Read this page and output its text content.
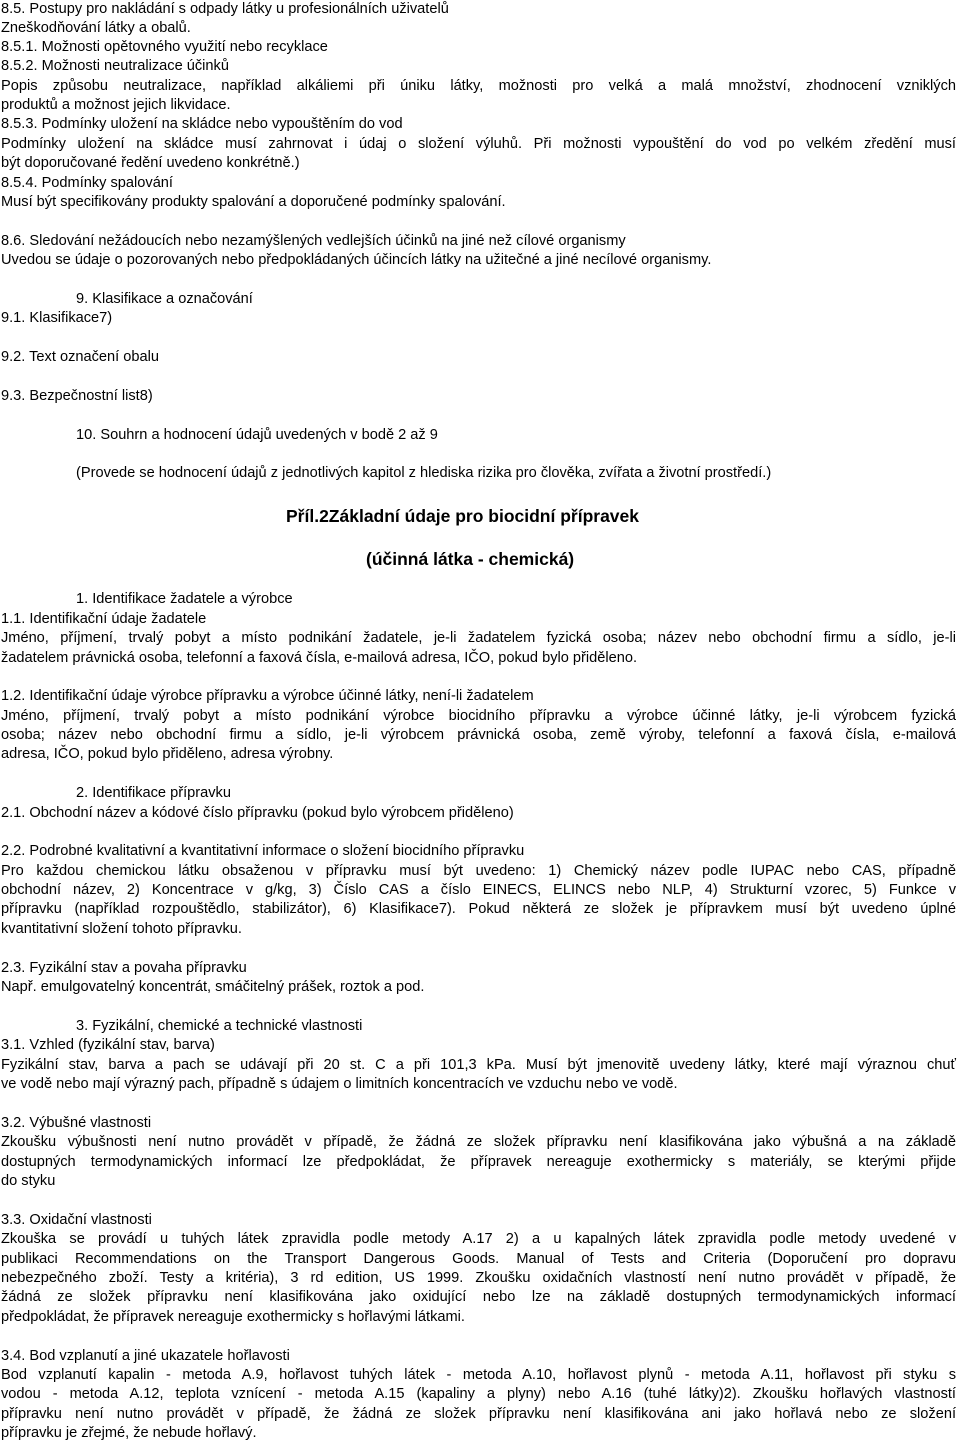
8.5. Postupy pro nakládání s odpady látky u profesionálních uživatelů
Zneškodňování látky a obalů.
8.5.1. Možnosti opětovného využití nebo recyklace
8.5.2. Možnosti neutralizace účinků
Popis způsobu neutralizace, například alkáliemi při úniku látky, možnosti pro velká a malá množství, zhodnocení vzniklých
produktů a možnost jejich likvidace.
8.5.3. Podmínky uložení na skládce nebo vypouštěním do vod
Podmínky uložení na skládce musí zahrnovat i údaj o složení výluhů. Při možnosti vypouštění do vod po velkém zředění musí
být doporučované ředění uvedeno konkrétně.)
8.5.4. Podmínky spalování
Musí být specifikovány produkty spalování a doporučené podmínky spalování.
8.6. Sledování nežádoucích nebo nezamýšlených vedlejších účinků na jiné než cílové organismy
Uvedou se údaje o pozorovaných nebo předpokládaných účincích látky na užitečné a jiné necílové organismy.
9. Klasifikace a označování
9.1. Klasifikace7)
9.2. Text označení obalu
9.3. Bezpečnostní list8)
10. Souhrn a hodnocení údajů uvedených v bodě 2 až 9
(Provede se hodnocení údajů z jednotlivých kapitol z hlediska rizika pro člověka, zvířata a životní prostředí.)
Příl.2Základní údaje pro biocidní přípravek
(účinná látka - chemická)
1. Identifikace žadatele a výrobce
1.1. Identifikační údaje žadatele
Jméno, příjmení, trvalý pobyt a místo podnikání žadatele, je-li žadatelem fyzická osoba; název nebo obchodní firmu a sídlo, je-li
žadatelem právnická osoba, telefonní a faxová čísla, e-mailová adresa, IČO, pokud bylo přiděleno.
1.2. Identifikační údaje výrobce přípravku a výrobce účinné látky, není-li žadatelem
Jméno, příjmení, trvalý pobyt a místo podnikání výrobce biocidního přípravku a výrobce účinné látky, je-li výrobcem fyzická
osoba; název nebo obchodní firmu a sídlo, je-li výrobcem právnická osoba, země výroby, telefonní a faxová čísla, e-mailová
adresa, IČO, pokud bylo přiděleno, adresa výrobny.
2. Identifikace přípravku
2.1. Obchodní název a kódové číslo přípravku (pokud bylo výrobcem přiděleno)
2.2. Podrobné kvalitativní a kvantitativní informace o složení biocidního přípravku
Pro každou chemickou látku obsaženou v přípravku musí být uvedeno: 1) Chemický název podle IUPAC nebo CAS, případně
obchodní název, 2) Koncentrace v g/kg, 3) Číslo CAS a číslo EINECS, ELINCS nebo NLP, 4) Strukturní vzorec, 5) Funkce v
přípravku (například rozpouštědlo, stabilizátor), 6) Klasifikace7). Pokud některá ze složek je přípravkem musí být uvedeno úplné
kvantitativní složení tohoto přípravku.
2.3. Fyzikální stav a povaha přípravku
Např. emulgovatelný koncentrát, smáčitelný prášek, roztok a pod.
3. Fyzikální, chemické a technické vlastnosti
3.1. Vzhled (fyzikální stav, barva)
Fyzikální stav, barva a pach se udávají při 20 st. C a při 101,3 kPa. Musí být jmenovitě uvedeny látky, které mají výraznou chuť
ve vodě nebo mají výrazný pach, případně s údajem o limitních koncentracích ve vzduchu nebo ve vodě.
3.2. Výbušné vlastnosti
Zkoušku výbušnosti není nutno provádět v případě, že žádná ze složek přípravku není klasifikována jako výbušná a na základě
dostupných termodynamických informací lze předpokládat, že přípravek nereaguje exothermicky s materiály, se kterými přijde
do styku
3.3. Oxidační vlastnosti
Zkouška se provádí u tuhých látek zpravidla podle metody A.17 2) a u kapalných látek zpravidla podle metody uvedené v
publikaci Recommendations on the Transport Dangerous Goods. Manual of Tests and Criteria (Doporučení pro dopravu
nebezpečného zboží. Testy a kritéria), 3 rd edition, US 1999. Zkoušku oxidačních vlastností není nutno provádět v případě, že
žádná ze složek přípravku není klasifikována jako oxidující nebo lze na základě dostupných termodynamických informací
předpokládat, že přípravek nereaguje exothermicky s hořlavými látkami.
3.4. Bod vzplanutí a jiné ukazatele hořlavosti
Bod vzplanutí kapalin - metoda A.9, hořlavost tuhých látek - metoda A.10, hořlavost plynů - metoda A.11, hořlavost při styku s
vodou - metoda A.12, teplota vznícení - metoda A.15 (kapaliny a plyny) nebo A.16 (tuhé látky)2). Zkoušku hořlavých vlastností
přípravku není nutno provádět v případě, že žádná ze složek přípravku není klasifikována ani jako hořlavá nebo ze složení
přípravku je zřejmé, že nebude hořlavý.
